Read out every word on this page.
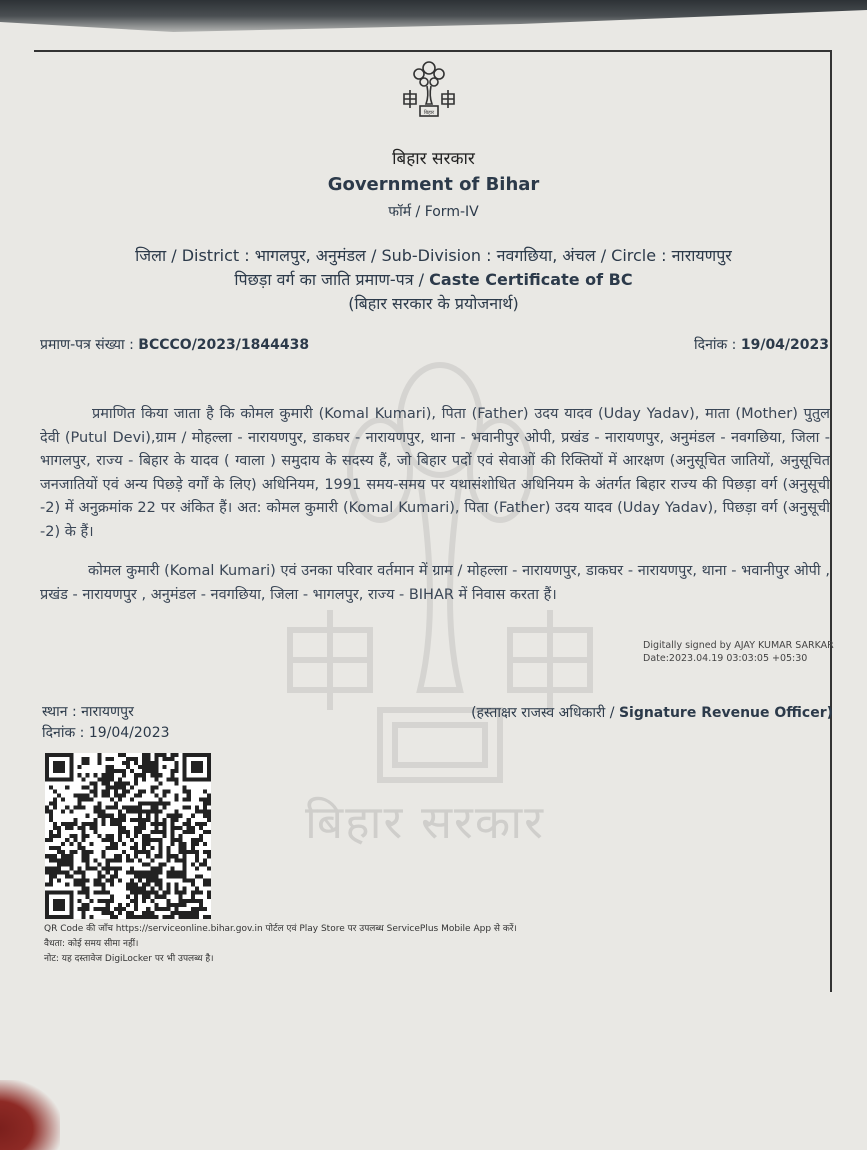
बिहार सरकार
बिहार
बिहार सरकार
Government of Bihar
फॉर्म / Form-IV
जिला / District : भागलपुर, अनुमंडल / Sub-Division : नवगछिया, अंचल / Circle : नारायणपुर
पिछड़ा वर्ग का जाति प्रमाण-पत्र / Caste Certificate of BC
(बिहार सरकार के प्रयोजनार्थ)
प्रमाण-पत्र संख्या : BCCCO/2023/1844438	दिनांक : 19/04/2023
प्रमाणित किया जाता है कि कोमल कुमारी (Komal Kumari), पिता (Father) उदय यादव (Uday Yadav), माता (Mother) पुतुल देवी (Putul Devi),ग्राम / मोहल्ला - नारायणपुर, डाकघर - नारायणपुर, थाना - भवानीपुर ओपी, प्रखंड - नारायणपुर, अनुमंडल - नवगछिया, जिला - भागलपुर, राज्य - बिहार के यादव ( ग्वाला ) समुदाय के सदस्य हैं, जो बिहार पदों एवं सेवाओं की रिक्तियों में आरक्षण (अनुसूचित जातियों, अनुसूचित जनजातियों एवं अन्य पिछड़े वर्गों के लिए) अधिनियम, 1991 समय-समय पर यथासंशोधित अधिनियम के अंतर्गत बिहार राज्य की पिछड़ा वर्ग (अनुसूची -2) में अनुक्रमांक 22 पर अंकित हैं। अत: कोमल कुमारी (Komal Kumari), पिता (Father) उदय यादव (Uday Yadav), पिछड़ा वर्ग (अनुसूची -2) के हैं।
कोमल कुमारी (Komal Kumari) एवं उनका परिवार वर्तमान में ग्राम / मोहल्ला - नारायणपुर, डाकघर - नारायणपुर, थाना - भवानीपुर ओपी , प्रखंड - नारायणपुर , अनुमंडल - नवगछिया, जिला - भागलपुर, राज्य - BIHAR में निवास करता हैं।
Digitally signed by AJAY KUMAR SARKAR
Date:2023.04.19 03:03:05 +05:30
(हस्ताक्षर राजस्व अधिकारी / Signature Revenue Officer)
स्थान : नारायणपुर
दिनांक : 19/04/2023
QR Code की जाँच https://serviceonline.bihar.gov.in पोर्टल एवं Play Store पर उपलब्ध ServicePlus Mobile App से करें।
वैधता: कोई समय सीमा नहीं।
नोट: यह दस्तावेज DigiLocker पर भी उपलब्ध है।
